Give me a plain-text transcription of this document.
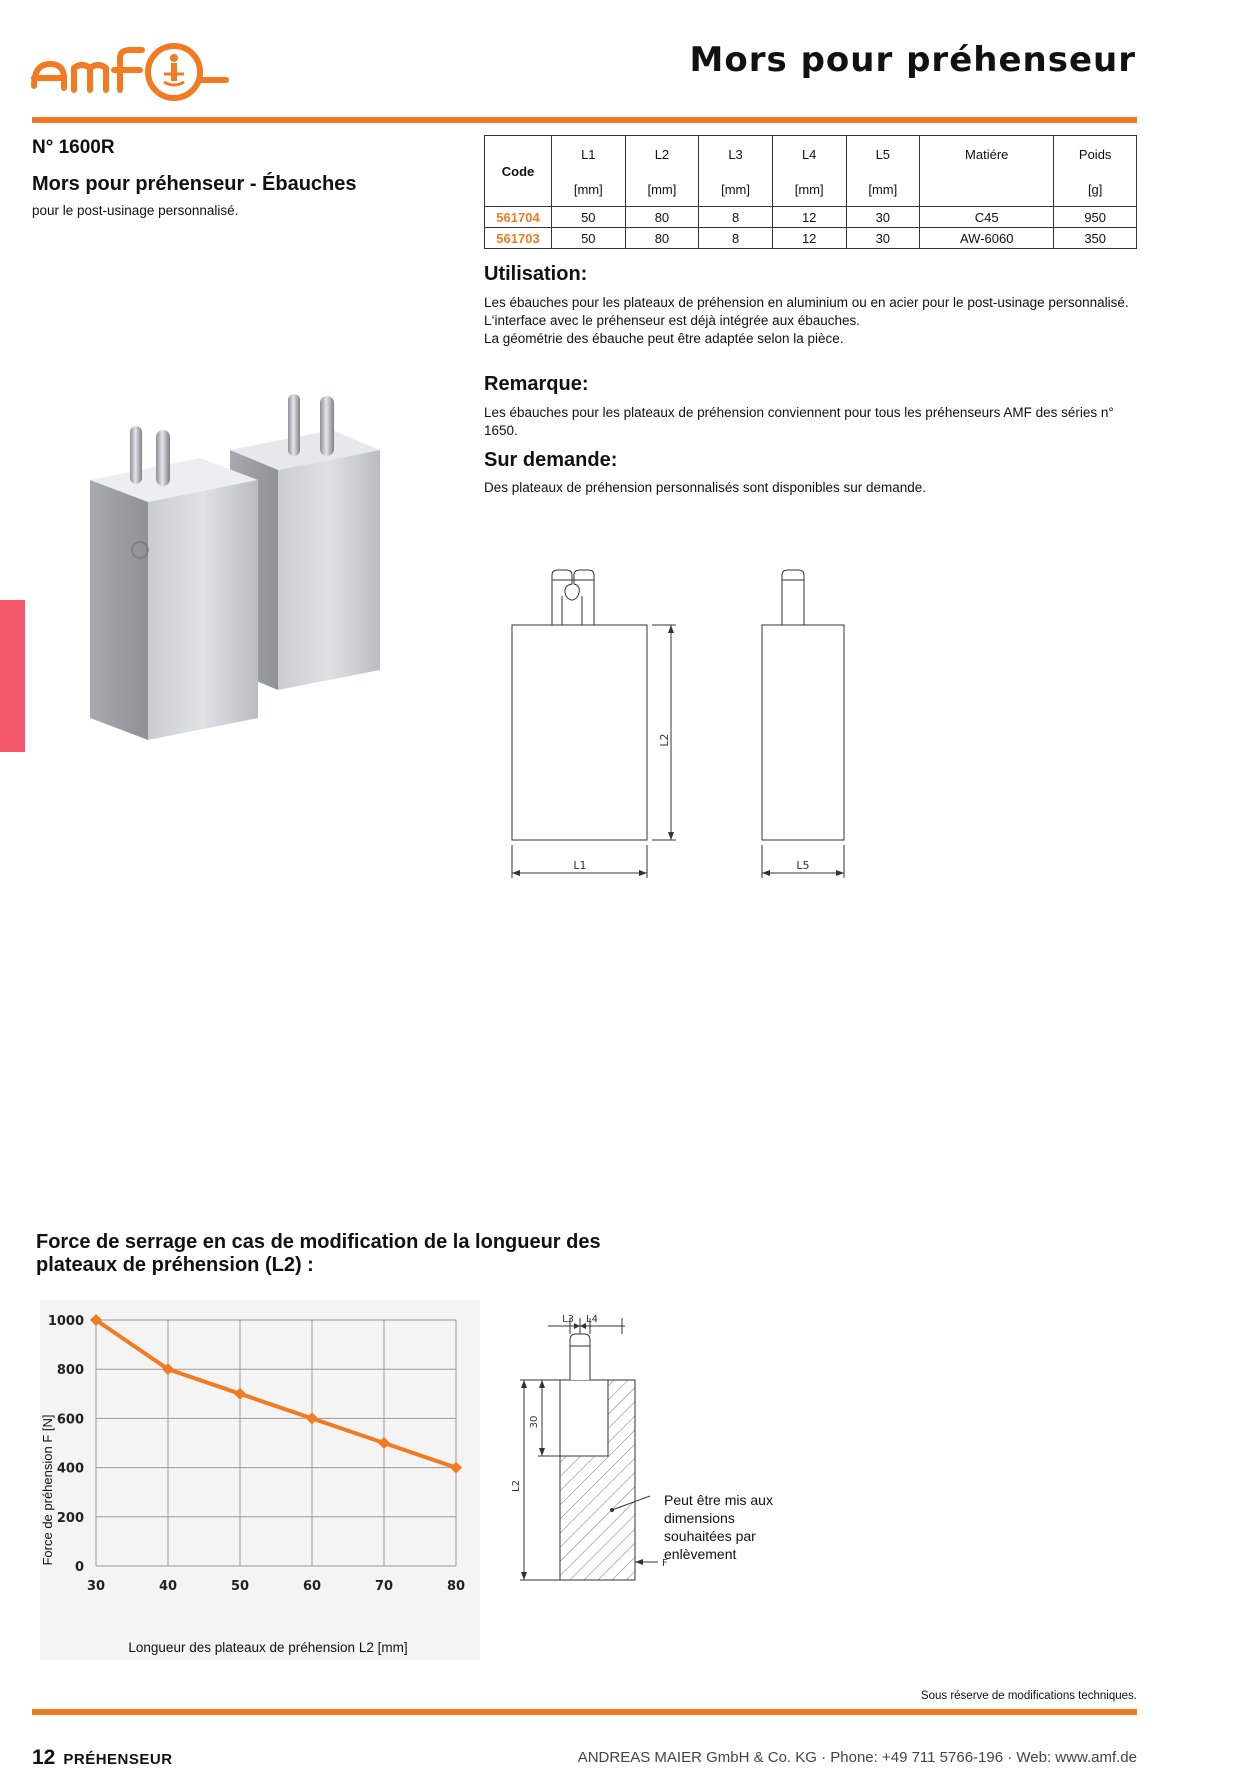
Mors pour préhenseur
N° 1600R
Mors pour préhenseur - Ébauches
pour le post-usinage personnalisé.
Code	L1	L2	L3	L4	L5	Matiére	Poids
	[mm]	[mm]	[mm]	[mm]	[mm]		[g]
561704	50	80	8	12	30	C45	950
561703	50	80	8	12	30	AW-6060	350
Utilisation:
Les ébauches pour les plateaux de préhension en aluminium ou en acier pour le post-usinage personnalisé.
L‘interface avec le préhenseur est déjà intégrée aux ébauches.
La géométrie des ébauche peut être adaptée selon la pièce.
Remarque:
Les ébauches pour les plateaux de préhension conviennent pour tous les préhenseurs AMF des séries n° 1650.
Sur demande:
Des plateaux de préhension personnalisés sont disponibles sur demande.
L2
L1	L5
Force de serrage en cas de modification de la longueur des plateaux de préhension (L2) :
0
200
400
600
800
1000
30	40	50	60	70	80
Force de préhension F [N]
Longueur des plateaux de préhension L2 [mm]
L3 L4
30
L2
F
Peut être mis aux dimensions souhaitées par enlèvement
Sous réserve de modifications techniques.
12 PRÉHENSEUR	ANDREAS MAIER GmbH & Co. KG · Phone: +49 711 5766-196 · Web: www.amf.de
